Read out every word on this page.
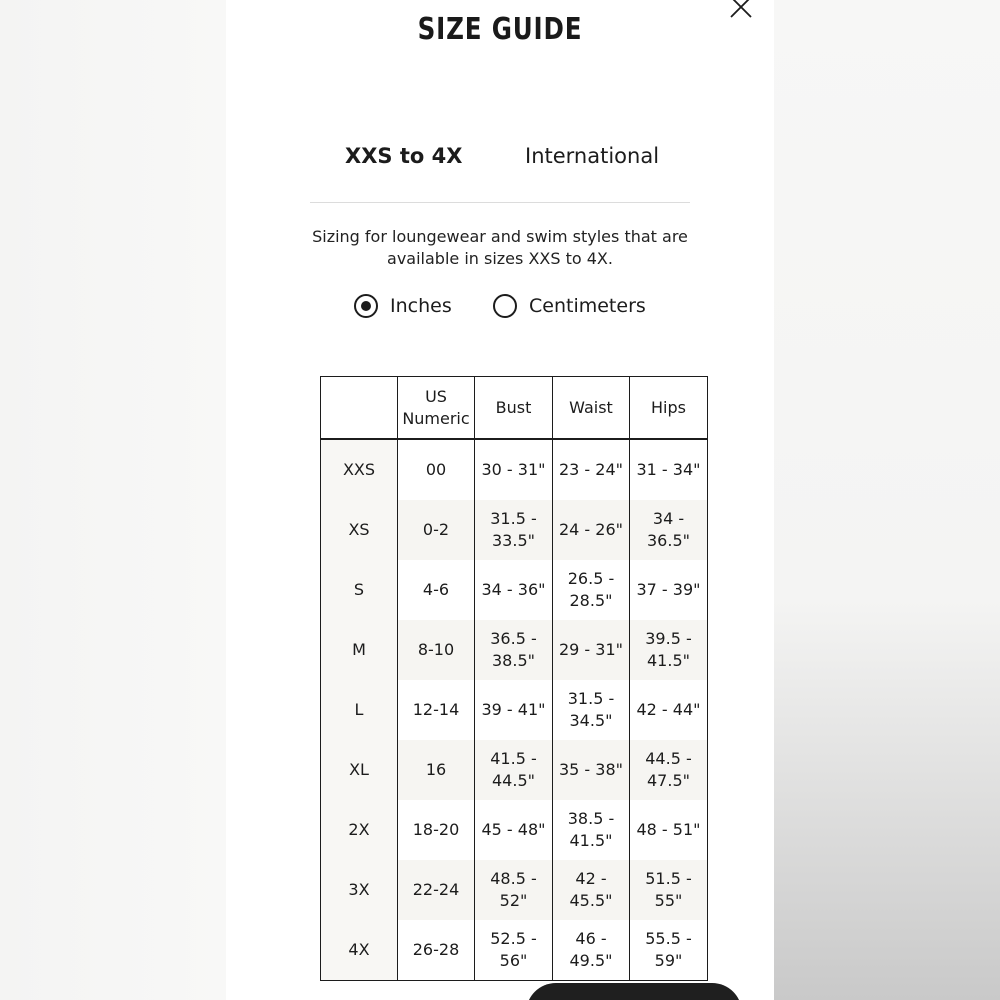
SIZE GUIDE
XXS to 4X	International
Sizing for loungewear and swim styles that are available in sizes XXS to 4X.
Inches	Centimeters
	US Numeric	Bust	Waist	Hips
XXS	00	30 - 31"	23 - 24"	31 - 34"
XS	0-2	31.5 - 33.5"	24 - 26"	34 - 36.5"
S	4-6	34 - 36"	26.5 - 28.5"	37 - 39"
M	8-10	36.5 - 38.5"	29 - 31"	39.5 - 41.5"
L	12-14	39 - 41"	31.5 - 34.5"	42 - 44"
XL	16	41.5 - 44.5"	35 - 38"	44.5 - 47.5"
2X	18-20	45 - 48"	38.5 - 41.5"	48 - 51"
3X	22-24	48.5 - 52"	42 - 45.5"	51.5 - 55"
4X	26-28	52.5 - 56"	46 - 49.5"	55.5 - 59"
